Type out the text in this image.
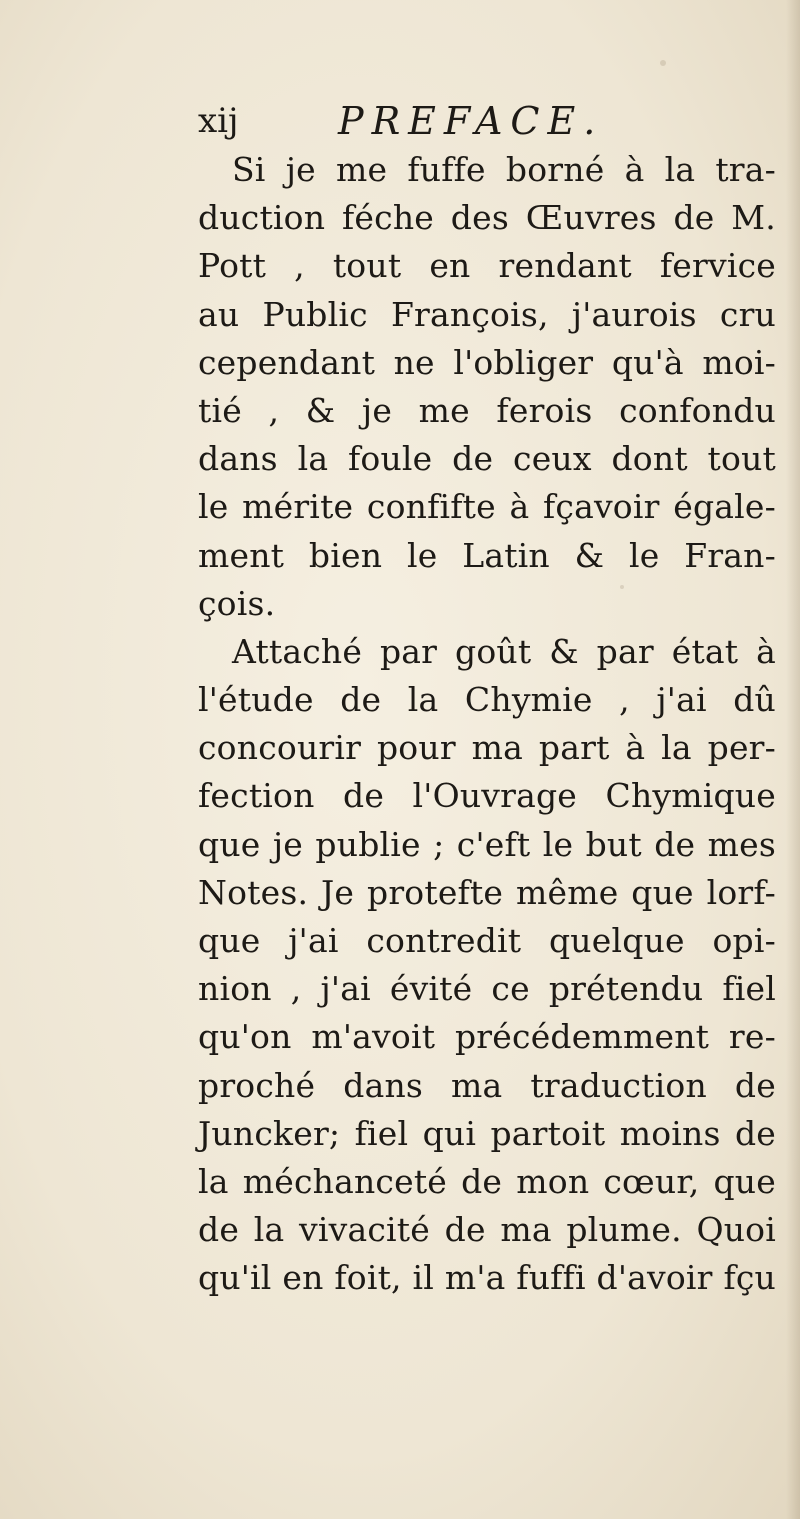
xij	PREFACE.
Si je me fuffe borné à la tra-
duction féche des Œuvres de M.
Pott , tout en rendant fervice
au Public François, j'aurois cru
cependant ne l'obliger qu'à moi-
tié , & je me ferois confondu
dans la foule de ceux dont tout
le mérite confifte à fçavoir égale-
ment bien le Latin & le Fran-
çois.
Attaché par goût & par état à
l'étude de la Chymie , j'ai dû
concourir pour ma part à la per-
fection de l'Ouvrage Chymique
que je publie ; c'eft le but de mes
Notes. Je protefte même que lorf-
que j'ai contredit quelque opi-
nion , j'ai évité ce prétendu fiel
qu'on m'avoit précédemment re-
proché dans ma traduction de
Juncker; fiel qui partoit moins de
la méchanceté de mon cœur, que
de la vivacité de ma plume. Quoi
qu'il en foit, il m'a fuffi d'avoir fçu
